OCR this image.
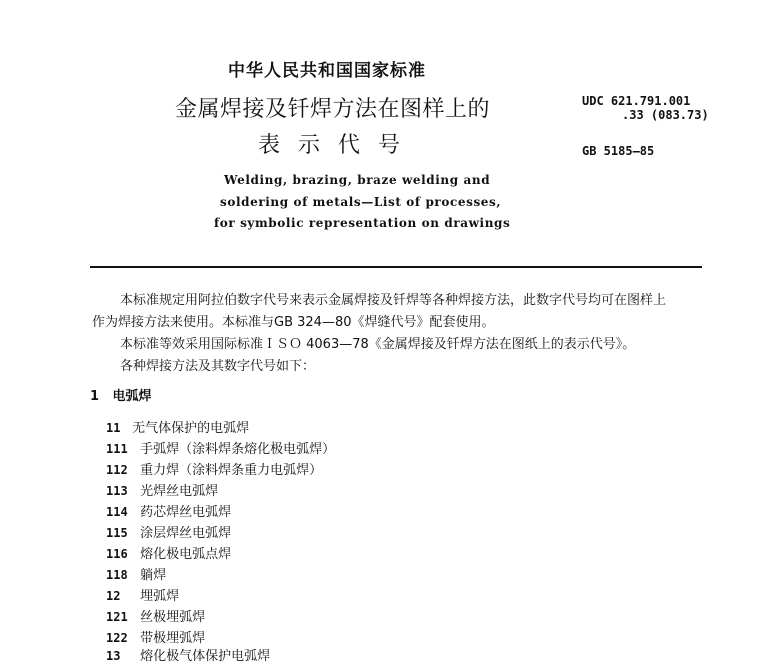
中华人民共和国国家标准
金属焊接及钎焊方法在图样上的
表示代号
UDC 621.791.001
.33 (083.73)
GB 5185—85
Welding, brazing, braze welding and
soldering of metals—List of processes,
for symbolic representation on drawings
本标准规定用阿拉伯数字代号来表示金属焊接及钎焊等各种焊接方法，此数字代号均可在图样上
作为焊接方法来使用。本标准与GB 324—80《焊缝代号》配套使用。
本标准等效采用国际标准ＩＳＯ 4063—78《金属焊接及钎焊方法在图纸上的表示代号》。
各种焊接方法及其数字代号如下：
1 电弧焊
11 无气体保护的电弧焊
111 手弧焊（涂料焊条熔化极电弧焊）
112 重力焊（涂料焊条重力电弧焊）
113 光焊丝电弧焊
114 药芯焊丝电弧焊
115 涂层焊丝电弧焊
116 熔化极电弧点焊
118 躺焊
12 埋弧焊
121 丝极埋弧焊
122 带极埋弧焊
13 熔化极气体保护电弧焊
